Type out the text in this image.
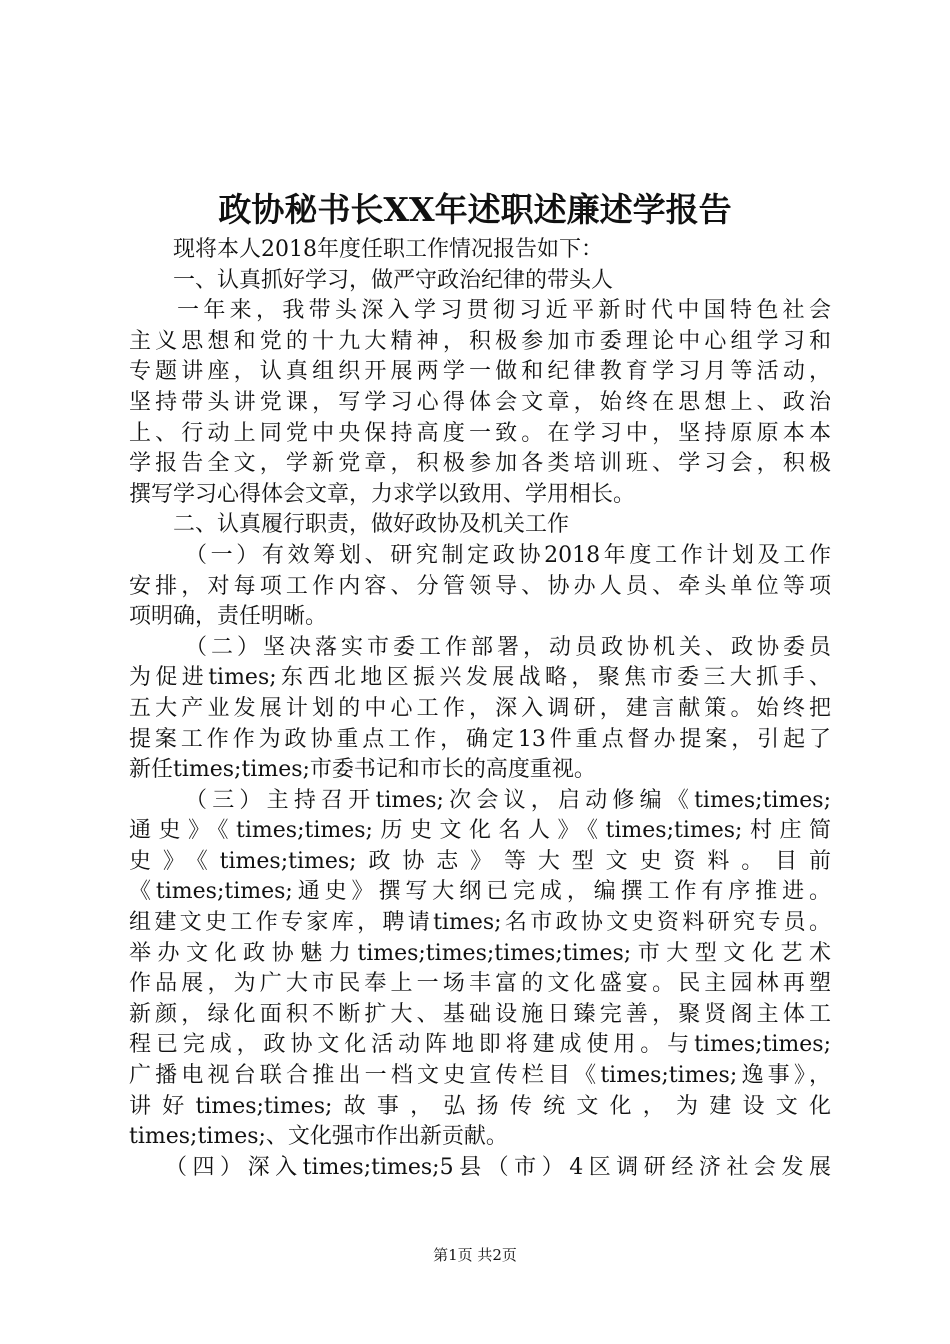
政协秘书长XX年述职述廉述学报告
现将本人2018年度任职工作情况报告如下：
一、认真抓好学习，做严守政治纪律的带头人
一年来，我带头深入学习贯彻习近平新时代中国特色社会
主义思想和党的十九大精神，积极参加市委理论中心组学习和
专题讲座，认真组织开展两学一做和纪律教育学习月等活动，
坚持带头讲党课，写学习心得体会文章，始终在思想上、政治
上、行动上同党中央保持高度一致。在学习中，坚持原原本本
学报告全文，学新党章，积极参加各类培训班、学习会，积极
撰写学习心得体会文章，力求学以致用、学用相长。
二、认真履行职责，做好政协及机关工作
（一）有效筹划、研究制定政协2018年度工作计划及工作
安排，对每项工作内容、分管领导、协办人员、牵头单位等项
项明确，责任明晰。
（二）坚决落实市委工作部署，动员政协机关、政协委员
为促进times;东西北地区振兴发展战略，聚焦市委三大抓手、
五大产业发展计划的中心工作，深入调研，建言献策。始终把
提案工作作为政协重点工作，确定13件重点督办提案，引起了
新任times;times;市委书记和市长的高度重视。
（三）主持召开times;次会议，启动修编《times;times;
通史》《times;times;历史文化名人》《times;times;村庄简
史》《times;times;政协志》等大型文史资料。目前
《times;times;通史》撰写大纲已完成，编撰工作有序推进。
组建文史工作专家库，聘请times;名市政协文史资料研究专员。
举办文化政协魅力times;times;times;times;市大型文化艺术
作品展，为广大市民奉上一场丰富的文化盛宴。民主园林再塑
新颜，绿化面积不断扩大、基础设施日臻完善，聚贤阁主体工
程已完成，政协文化活动阵地即将建成使用。与times;times;
广播电视台联合推出一档文史宣传栏目《times;times;逸事》，
讲好times;times;故事，弘扬传统文化，为建设文化
times;times;、文化强市作出新贡献。
（四）深入times;times;5县（市）4区调研经济社会发展
第1页 共2页
